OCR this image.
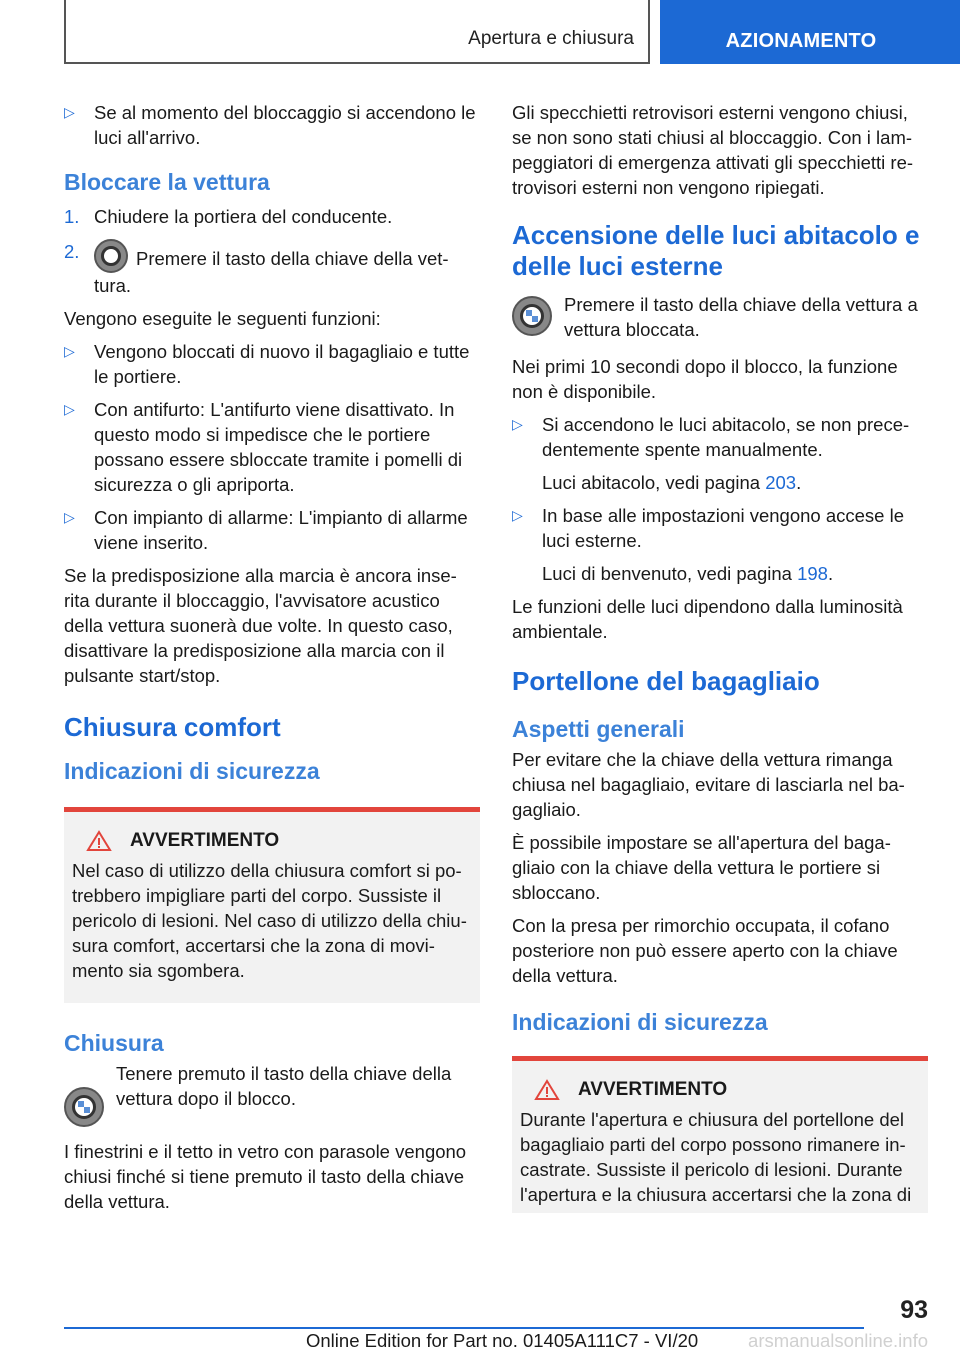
Apertura e chiusura	AZIONAMENTO
▷	Se al momento del bloccaggio si accendono le luci all'arrivo.
Bloccare la vettura
1. Chiudere la portiera del conducente.
2.	Premere il tasto della chiave della vet- tura.

Vengono eseguite le seguenti funzioni:

▷	Vengono bloccati di nuovo il bagagliaio e tutte le portiere.
▷	Con antifurto: L'antifurto viene disattivato. In questo modo si impedisce che le portiere possano essere sbloccate tramite i pomelli di sicurezza o gli apriporta.
▷	Con impianto di allarme: L'impianto di allarme viene inserito.

Se la predisposizione alla marcia è ancora inse- rita durante il bloccaggio, l'avvisatore acustico della vettura suonerà due volte. In questo caso, disattivare la predisposizione alla marcia con il pulsante start/stop.

Chiusura comfort
Indicazioni di sicurezza
AVVERTIMENTO

Nel caso di utilizzo della chiusura comfort si po- trebbero impigliare parti del corpo. Sussiste il pericolo di lesioni. Nel caso di utilizzo della chiu- sura comfort, accertarsi che la zona di movi- mento sia sgombera.

Chiusura
Tenere premuto il tasto della chiave della vettura dopo il blocco.

I finestrini e il tetto in vetro con parasole vengono chiusi finché si tiene premuto il tasto della chiave della vettura.

Gli specchietti retrovisori esterni vengono chiusi, se non sono stati chiusi al bloccaggio. Con i lam- peggiatori di emergenza attivati gli specchietti re- trovisori esterni non vengono ripiegati.

Accensione delle luci abitacolo e delle luci esterne
Premere il tasto della chiave della vettura a vettura bloccata.

Nei primi 10 secondi dopo il blocco, la funzione non è disponibile.

▷	Si accendono le luci abitacolo, se non prece- dentemente spente manualmente.

Luci abitacolo, vedi pagina 203.

▷	In base alle impostazioni vengono accese le luci esterne.

Luci di benvenuto, vedi pagina 198.

Le funzioni delle luci dipendono dalla luminosità ambientale.

Portellone del bagagliaio
Aspetti generali

Per evitare che la chiave della vettura rimanga chiusa nel bagagliaio, evitare di lasciarla nel ba- gagliaio.

È possibile impostare se all'apertura del baga- gliaio con la chiave della vettura le portiere si sbloccano.

Con la presa per rimorchio occupata, il cofano posteriore non può essere aperto con la chiave della vettura.

Indicazioni di sicurezza
AVVERTIMENTO

Durante l'apertura e chiusura del portellone del bagagliaio parti del corpo possono rimanere in- castrate. Sussiste il pericolo di lesioni. Durante l'apertura e la chiusura accertarsi che la zona di

93
Online Edition for Part no. 01405A111C7 - VI/20	arsmanualsonline.info
